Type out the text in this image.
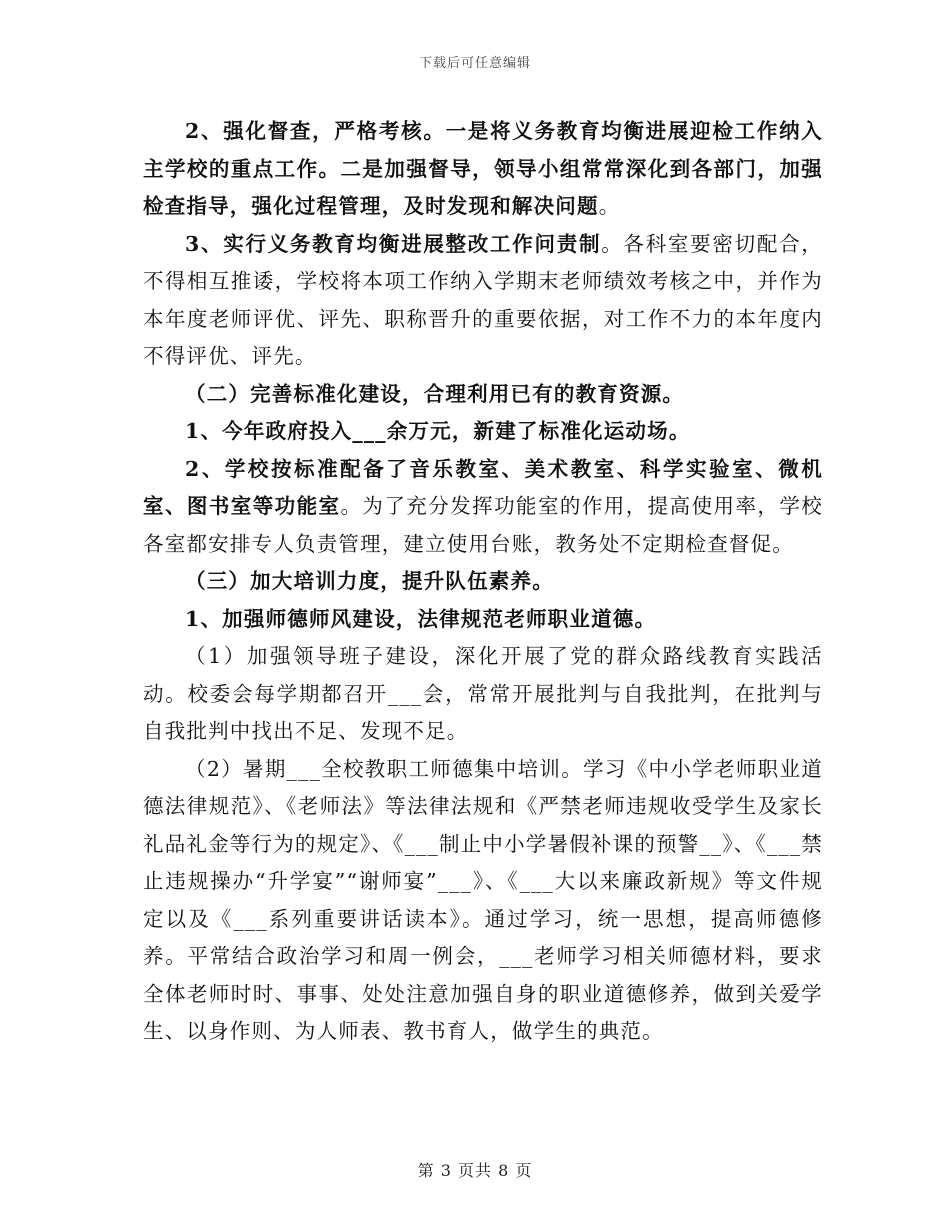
下载后可任意编辑

2、强化督查，严格考核。一是将义务教育均衡进展迎检工作纳入主学校的重点工作。二是加强督导，领导小组常常深化到各部门，加强检查指导，强化过程管理，及时发现和解决问题。

3、实行义务教育均衡进展整改工作问责制。各科室要密切配合，不得相互推诿，学校将本项工作纳入学期末老师绩效考核之中，并作为本年度老师评优、评先、职称晋升的重要依据，对工作不力的本年度内不得评优、评先。

（二）完善标准化建设，合理利用已有的教育资源。

1、今年政府投入___余万元，新建了标准化运动场。

2、学校按标准配备了音乐教室、美术教室、科学实验室、微机室、图书室等功能室。为了充分发挥功能室的作用，提高使用率，学校各室都安排专人负责管理，建立使用台账，教务处不定期检查督促。

（三）加大培训力度，提升队伍素养。

1、加强师德师风建设，法律规范老师职业道德。

（1）加强领导班子建设，深化开展了党的群众路线教育实践活动。校委会每学期都召开___会，常常开展批判与自我批判，在批判与自我批判中找出不足、发现不足。

（2）暑期___全校教职工师德集中培训。学习《中小学老师职业道德法律规范》、《老师法》等法律法规和《严禁老师违规收受学生及家长礼品礼金等行为的规定》、《___制止中小学暑假补课的预警__》、《___禁止违规操办“升学宴”“谢师宴”___》、《___大以来廉政新规》等文件规定以及《___系列重要讲话读本》。通过学习，统一思想，提高师德修养。平常结合政治学习和周一例会，___老师学习相关师德材料，要求全体老师时时、事事、处处注意加强自身的职业道德修养，做到关爱学生、以身作则、为人师表、教书育人，做学生的典范。

第 3 页共 8 页
